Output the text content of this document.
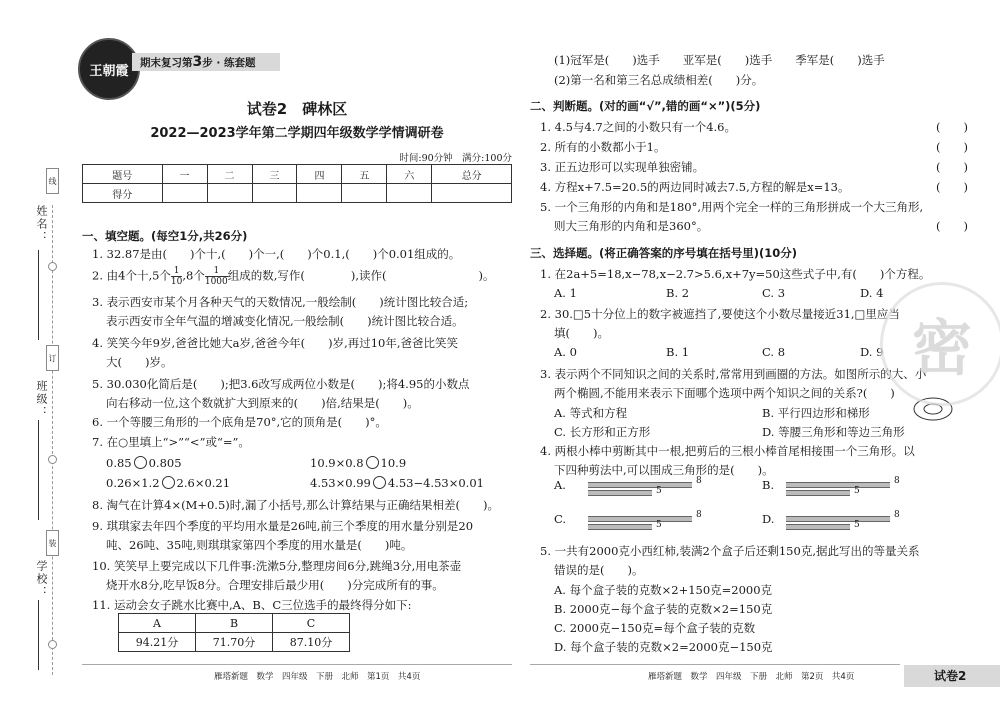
姓名：
班级：
学校：
线
订
装
王朝霞
期末复习第3步 · 练套题
试卷2　碑林区
2022—2023学年第二学期四年级数学学情调研卷
时间:90分钟　满分:100分
题号	一	二	三	四	五	六	总分
得分							
一、填空题。(每空1分,共26分)
1. 32.87是由(　　)个十,(　　)个一,(　　)个0.1,(　　)个0.01组成的。
2. 由4个十,5个 $\frac{1}{10} ,8$个 $\frac{1}{1000}$ 组成的数,写作(　　　　),读作(　　　　　　　　)。
3. 表示西安市某个月各种天气的天数情况,一般绘制(　　)统计图比较合适;
表示西安市全年气温的增减变化情况,一般绘制(　　)统计图比较合适。
4. 笑笑今年9岁,爸爸比她大a岁,爸爸今年(　　)岁,再过10年,爸爸比笑笑
大(　　)岁。
5. 30.030化简后是(　　);把3.6改写成两位小数是(　　);将4.95的小数点
向右移动一位,这个数就扩大到原来的(　　)倍,结果是(　　)。
6. 一个等腰三角形的一个底角是70°,它的顶角是(　　)°。
7. 在○里填上“>”“<”或“=”。
0.85 0.805	10.9×0.8 10.9
0.26×1.2 2.6×0.21	4.53×0.99 4.53−4.53×0.01
8. 淘气在计算4×(M+0.5)时,漏了小括号,那么计算结果与正确结果相差(　　)。
9. 琪琪家去年四个季度的平均用水量是26吨,前三个季度的用水量分别是20
吨、26吨、35吨,则琪琪家第四个季度的用水量是(　　)吨。
10. 笑笑早上要完成以下几件事:洗漱5分,整理房间6分,跳绳3分,用电茶壶
烧开水8分,吃早饭8分。合理安排后最少用(　　)分完成所有的事。
11. 运动会女子跳水比赛中,A、B、C三位选手的最终得分如下:
A	B	C
94.21分	71.70分	87.10分
(1)冠军是(　　)选手　　亚军是(　　)选手　　季军是(　　)选手
(2)第一名和第三名总成绩相差(　　)分。
二、判断题。(对的画“√”,错的画“×”)(5分)
1. 4.5与4.7之间的小数只有一个4.6。	(　　)
2. 所有的小数都小于1。	(　　)
3. 正五边形可以实现单独密铺。	(　　)
4. 方程x+7.5=20.5的两边同时减去7.5,方程的解是x=13。	(　　)
5. 一个三角形的内角和是180°,用两个完全一样的三角形拼成一个大三角形,
则大三角形的内角和是360°。	(　　)
三、选择题。(将正确答案的序号填在括号里)(10分)
1. 在2a+5=18,x−78,x−2.7>5.6,x+7y=50这些式子中,有(　　)个方程。
A. 1	B. 2	C. 3	D. 4
2. 30.□5十分位上的数字被遮挡了,要使这个小数尽量接近31,□里应当
填(　　)。
A. 0	B. 1	C. 8	D. 9
3. 表示两个不同知识之间的关系时,常常用到画圈的方法。如图所示的大、小
两个椭圆,不能用来表示下面哪个选项中两个知识之间的关系?(　　)
A. 等式和方程	B. 平行四边形和梯形
C. 长方形和正方形	D. 等腰三角形和等边三角形
4. 两根小棒中剪断其中一根,把剪后的三根小棒首尾相接围一个三角形。以
下四种剪法中,可以围成三角形的是(　　)。
A.	8
5	B.	8
5
C.	8
5	D.	8
5
5. 一共有2000克小西红柿,装满2个盒子后还剩150克,据此写出的等量关系
错误的是(　　)。
A. 每个盒子装的克数×2+150克=2000克
B. 2000克−每个盒子装的克数×2=150克
C. 2000克−150克=每个盒子装的克数
D. 每个盒子装的克数×2=2000克−150克
密
雁塔新题　数学　四年级　下册　北师　第1页　共4页	雁塔新题　数学　四年级　下册　北师　第2页　共4页	试卷2
